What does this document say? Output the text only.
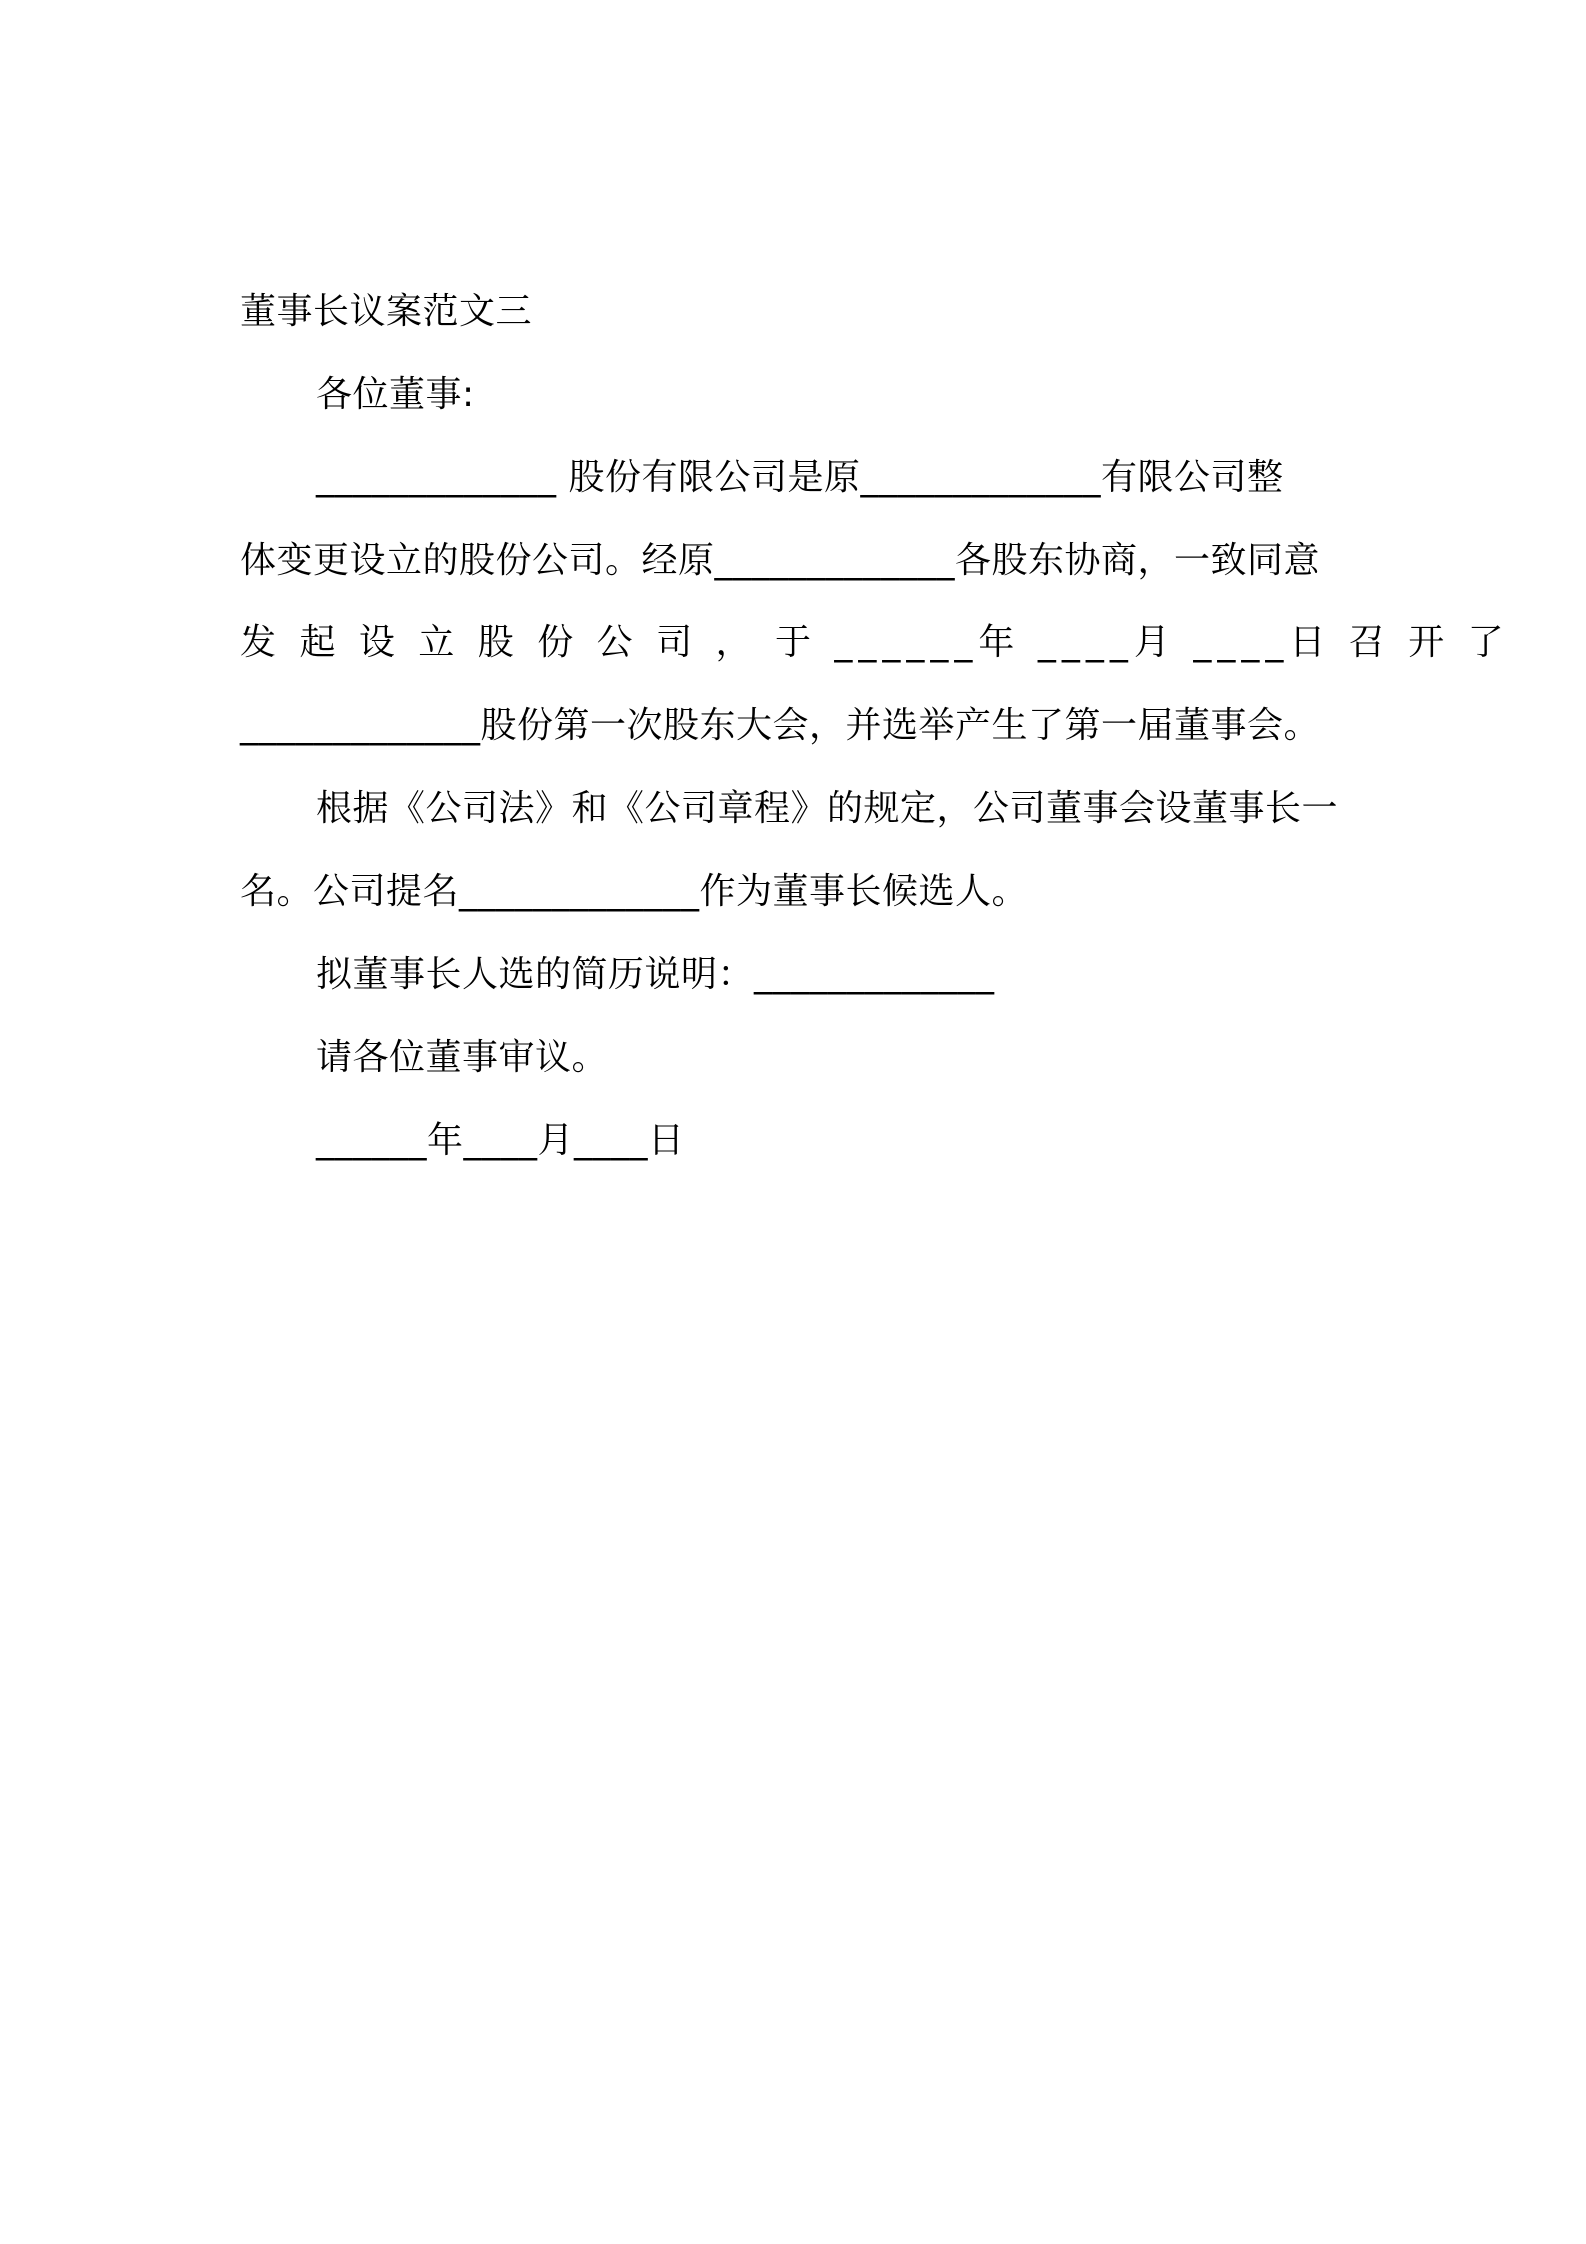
董事长议案范文三
各位董事:
_____________ 股份有限公司是原_____________有限公司整
体变更设立的股份公司。经原_____________各股东协商，一致同意
发 起 设 立 股 份 公 司 ， 于 ______年 ____月 ____日 召 开 了
_____________股份第一次股东大会，并选举产生了第一届董事会。
根据《公司法》和《公司章程》的规定，公司董事会设董事长一
名。公司提名_____________作为董事长候选人。
拟董事长人选的简历说明：_____________
请各位董事审议。
______年____月____日
